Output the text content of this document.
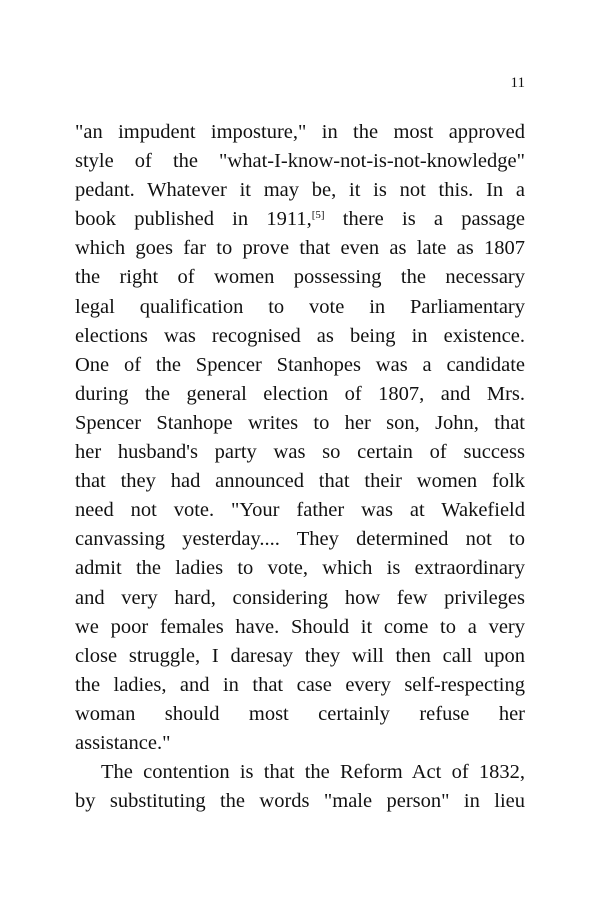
11
"an impudent imposture," in the most approved
style of the "what-I-know-not-is-not-knowledge"
pedant. Whatever it may be, it is not this. In a
book published in 1911,[5] there is a passage
which goes far to prove that even as late as 1807
the right of women possessing the necessary
legal qualification to vote in Parliamentary
elections was recognised as being in existence.
One of the Spencer Stanhopes was a candidate
during the general election of 1807, and Mrs.
Spencer Stanhope writes to her son, John, that
her husband's party was so certain of success
that they had announced that their women folk
need not vote. "Your father was at Wakefield
canvassing yesterday.... They determined not to
admit the ladies to vote, which is extraordinary
and very hard, considering how few privileges
we poor females have. Should it come to a very
close struggle, I daresay they will then call upon
the ladies, and in that case every self-respecting
woman should most certainly refuse her
assistance."
The contention is that the Reform Act of 1832,
by substituting the words "male person" in lieu
